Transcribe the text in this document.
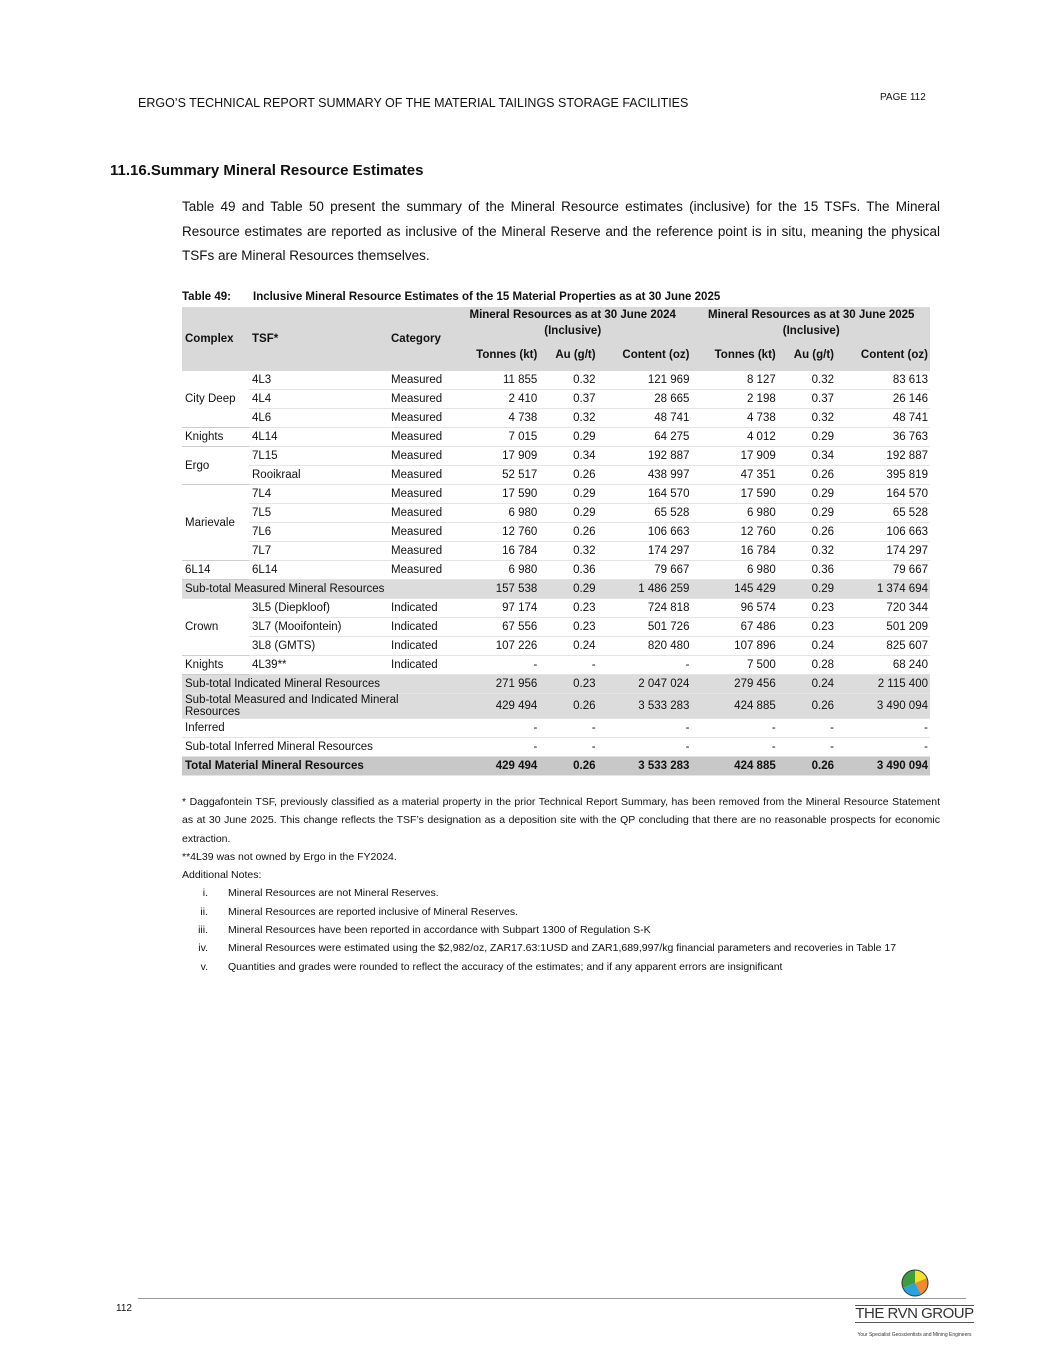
ERGO’S TECHNICAL REPORT SUMMARY OF THE MATERIAL TAILINGS STORAGE FACILITIES	PAGE 112
11.16.Summary Mineral Resource Estimates
Table 49 and Table 50 present the summary of the Mineral Resource estimates (inclusive) for the 15 TSFs. The Mineral Resource estimates are reported as inclusive of the Mineral Reserve and the reference point is in situ, meaning the physical TSFs are Mineral Resources themselves.
Table 49: Inclusive Mineral Resource Estimates of the 15 Material Properties as at 30 June 2025
Complex	TSF*	Category	Mineral Resources as at 30 June 2024 (Inclusive)			Mineral Resources as at 30 June 2025 (Inclusive)		
			Tonnes (kt)	Au (g/t)	Content (oz)	Tonnes (kt)	Au (g/t)	Content (oz)
City Deep	4L3	Measured	11 855	0.32	121 969	8 127	0.32	83 613
	4L4	Measured	2 410	0.37	28 665	2 198	0.37	26 146
	4L6	Measured	4 738	0.32	48 741	4 738	0.32	48 741
Knights	4L14	Measured	7 015	0.29	64 275	4 012	0.29	36 763
Ergo	7L15	Measured	17 909	0.34	192 887	17 909	0.34	192 887
	Rooikraal	Measured	52 517	0.26	438 997	47 351	0.26	395 819
Marievale	7L4	Measured	17 590	0.29	164 570	17 590	0.29	164 570
	7L5	Measured	6 980	0.29	65 528	6 980	0.29	65 528
	7L6	Measured	12 760	0.26	106 663	12 760	0.26	106 663
	7L7	Measured	16 784	0.32	174 297	16 784	0.32	174 297
6L14	6L14	Measured	6 980	0.36	79 667	6 980	0.36	79 667
Sub-total Measured Mineral Resources			157 538	0.29	1 486 259	145 429	0.29	1 374 694
Crown	3L5 (Diepkloof)	Indicated	97 174	0.23	724 818	96 574	0.23	720 344
	3L7 (Mooifontein)	Indicated	67 556	0.23	501 726	67 486	0.23	501 209
	3L8 (GMTS)	Indicated	107 226	0.24	820 480	107 896	0.24	825 607
Knights	4L39**	Indicated	-	-	-	7 500	0.28	68 240
Sub-total Indicated Mineral Resources			271 956	0.23	2 047 024	279 456	0.24	2 115 400
Sub-total Measured and Indicated Mineral Resources			429 494	0.26	3 533 283	424 885	0.26	3 490 094
Inferred			-	-	-	-	-	-
Sub-total Inferred Mineral Resources			-	-	-	-	-	-
Total Material Mineral Resources			429 494	0.26	3 533 283	424 885	0.26	3 490 094
* Daggafontein TSF, previously classified as a material property in the prior Technical Report Summary, has been removed from the Mineral Resource Statement as at 30 June 2025. This change reflects the TSF’s designation as a deposition site with the QP concluding that there are no reasonable prospects for economic extraction.
**4L39 was not owned by Ergo in the FY2024.
Additional Notes:
i.	Mineral Resources are not Mineral Reserves.
ii.	Mineral Resources are reported inclusive of Mineral Reserves.
iii.	Mineral Resources have been reported in accordance with Subpart 1300 of Regulation S-K
iv.	Mineral Resources were estimated using the $2,982/oz, ZAR17.63:1USD and ZAR1,689,997/kg financial parameters and recoveries in Table 17
v.	Quantities and grades were rounded to reflect the accuracy of the estimates; and if any apparent errors are insignificant
112	THE RVN GROUP
Your Specialist Geoscientists and Mining Engineers
